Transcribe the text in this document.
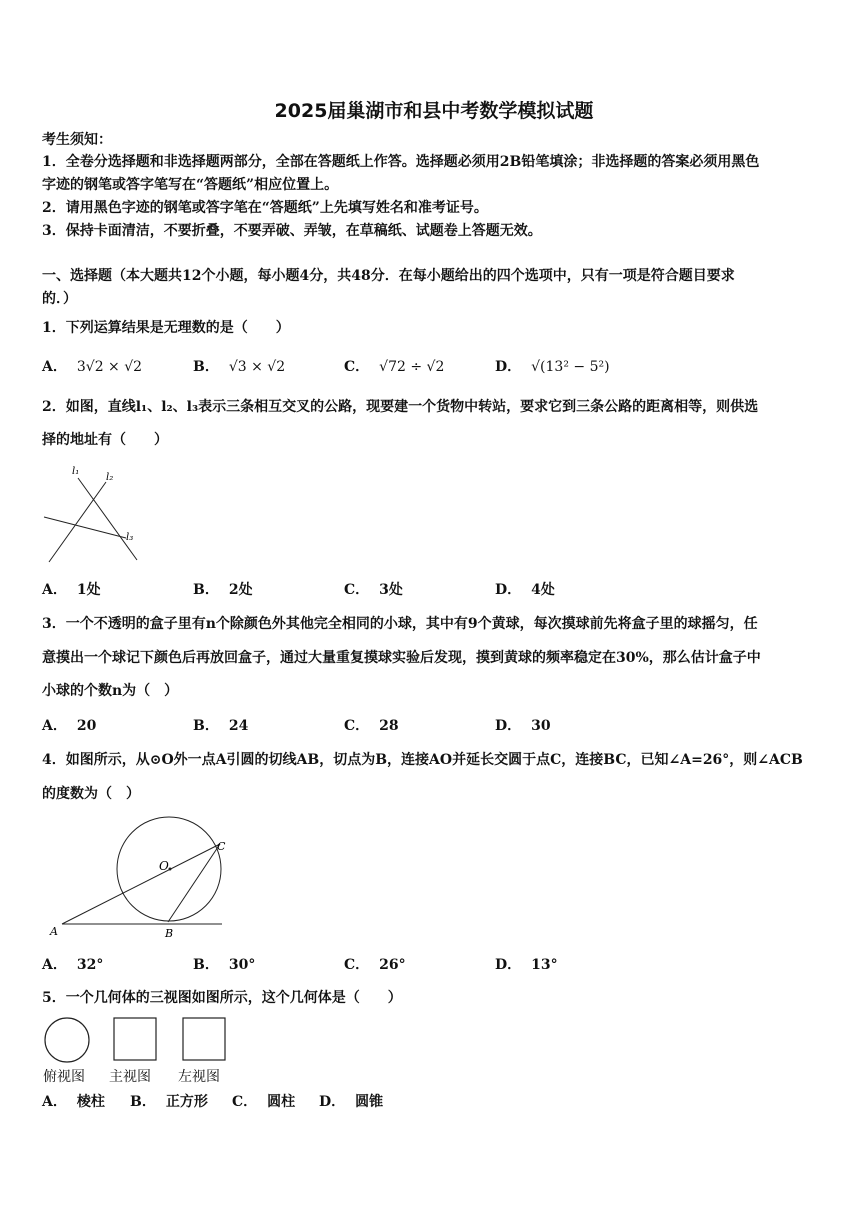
2025届巢湖市和县中考数学模拟试题
考生须知：
1．全卷分选择题和非选择题两部分，全部在答题纸上作答。选择题必须用2B铅笔填涂；非选择题的答案必须用黑色
字迹的钢笔或答字笔写在“答题纸”相应位置上。
2．请用黑色字迹的钢笔或答字笔在“答题纸”上先填写姓名和准考证号。
3．保持卡面清洁，不要折叠，不要弄破、弄皱，在草稿纸、试题卷上答题无效。
一、选择题（本大题共12个小题，每小题4分，共48分．在每小题给出的四个选项中，只有一项是符合题目要求
的．）
1．下列运算结果是无理数的是（　　）
A． 3√2 × √2	B． √3 × √2	C． √72 ÷ √2	D． √(13² − 5²)
2．如图，直线l₁、l₂、l₃表示三条相互交叉的公路，现要建一个货物中转站，要求它到三条公路的距离相等，则供选
择的地址有（　　）
l₁
l₂
l₃
A． 1处	B． 2处	C． 3处	D． 4处
3．一个不透明的盒子里有n个除颜色外其他完全相同的小球，其中有9个黄球，每次摸球前先将盒子里的球摇匀，任
意摸出一个球记下颜色后再放回盒子，通过大量重复摸球实验后发现，摸到黄球的频率稳定在30%，那么估计盒子中
小球的个数n为（　）
A． 20	B． 24	C． 28	D． 30
4．如图所示，从⊙O外一点A引圆的切线AB，切点为B，连接AO并延长交圆于点C，连接BC，已知∠A=26°，则∠ACB
的度数为（　）
O
C
A	B
A． 32°	B． 30°	C． 26°	D． 13°
5．一个几何体的三视图如图所示，这个几何体是（　　）
俯视图 主视图 左视图
A． 棱柱 B． 正方形 C． 圆柱 D． 圆锥
